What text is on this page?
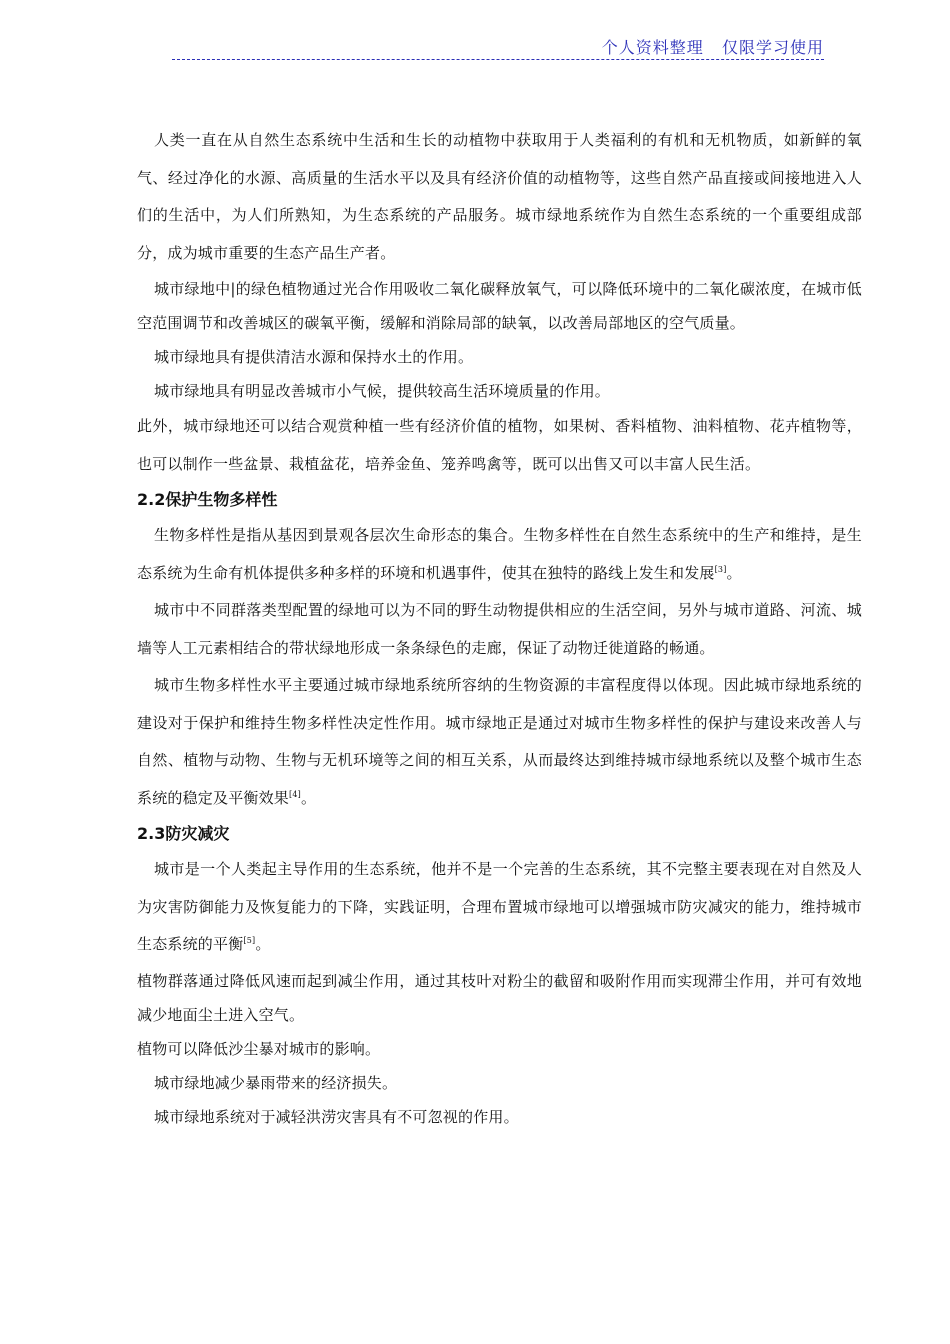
个人资料整理   仅限学习使用

人类一直在从自然生态系统中生活和生长的动植物中获取用于人类福利的有机和无机物质，如新鲜的氧气、经过净化的水源、高质量的生活水平以及具有经济价值的动植物等，这些自然产品直接或间接地进入人们的生活中，为人们所熟知，为生态系统的产品服务。城市绿地系统作为自然生态系统的一个重要组成部分，成为城市重要的生态产品生产者。

城市绿地中|的绿色植物通过光合作用吸收二氧化碳释放氧气，可以降低环境中的二氧化碳浓度，在城市低空范围调节和改善城区的碳氧平衡，缓解和消除局部的缺氧，以改善局部地区的空气质量。

城市绿地具有提供清洁水源和保持水土的作用。

城市绿地具有明显改善城市小气候，提供较高生活环境质量的作用。

此外，城市绿地还可以结合观赏种植一些有经济价值的植物，如果树、香料植物、油料植物、花卉植物等，也可以制作一些盆景、栽植盆花，培养金鱼、笼养鸣禽等，既可以出售又可以丰富人民生活。

2.2保护生物多样性

生物多样性是指从基因到景观各层次生命形态的集合。生物多样性在自然生态系统中的生产和维持，是生态系统为生命有机体提供多种多样的环境和机遇事件，使其在独特的路线上发生和发展[3]。

城市中不同群落类型配置的绿地可以为不同的野生动物提供相应的生活空间，另外与城市道路、河流、城墙等人工元素相结合的带状绿地形成一条条绿色的走廊，保证了动物迁徙道路的畅通。

城市生物多样性水平主要通过城市绿地系统所容纳的生物资源的丰富程度得以体现。因此城市绿地系统的建设对于保护和维持生物多样性决定性作用。城市绿地正是通过对城市生物多样性的保护与建设来改善人与自然、植物与动物、生物与无机环境等之间的相互关系，从而最终达到维持城市绿地系统以及整个城市生态系统的稳定及平衡效果[4]。

2.3防灾减灾

城市是一个人类起主导作用的生态系统，他并不是一个完善的生态系统，其不完整主要表现在对自然及人为灾害防御能力及恢复能力的下降，实践证明，合理布置城市绿地可以增强城市防灾减灾的能力，维持城市生态系统的平衡[5]。

植物群落通过降低风速而起到减尘作用，通过其枝叶对粉尘的截留和吸附作用而实现滞尘作用，并可有效地减少地面尘土进入空气。

植物可以降低沙尘暴对城市的影响。

城市绿地减少暴雨带来的经济损失。

城市绿地系统对于减轻洪涝灾害具有不可忽视的作用。
